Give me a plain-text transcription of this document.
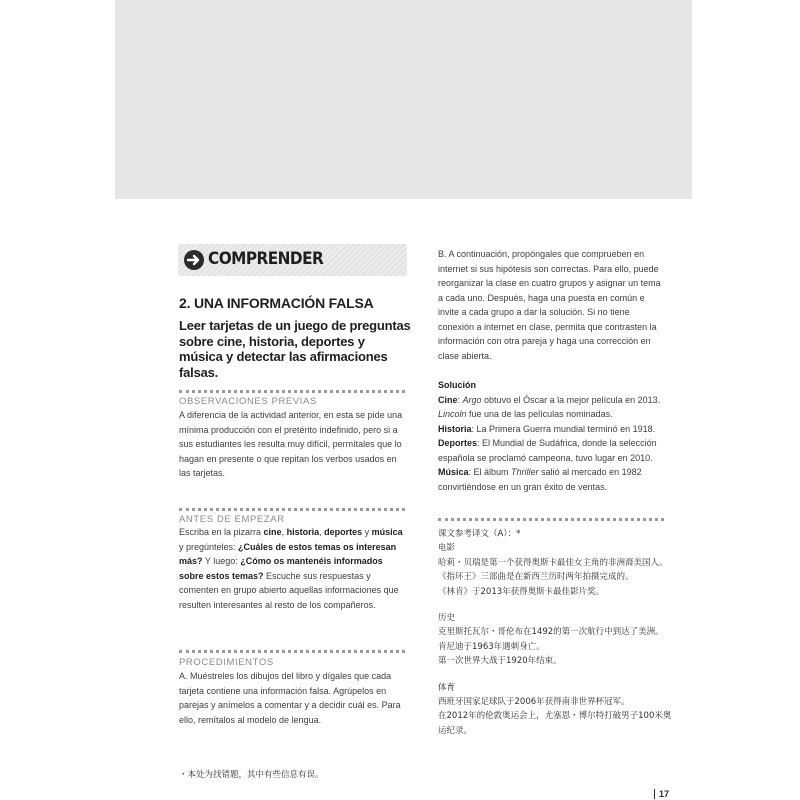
COMPRENDER
2. UNA INFORMACIÓN FALSA
Leer tarjetas de un juego de preguntas sobre cine, historia, deportes y música y detectar las afirmaciones falsas.
OBSERVACIONES PREVIAS
A diferencia de la actividad anterior, en esta se pide una mínima producción con el pretérito indefinido, pero si a sus estudiantes les resulta muy difícil, permítales que lo hagan en presente o que repitan los verbos usados en las tarjetas.
ANTES DE EMPEZAR
Escriba en la pizarra cine, historia, deportes y música y pregúnteles: ¿Cuáles de estos temas os interesan más? Y luego: ¿Cómo os mantenéis informados sobre estos temas? Escuche sus respuestas y comenten en grupo abierto aquellas informaciones que resulten interesantes al resto de los compañeros.
PROCEDIMIENTOS
A. Muéstreles los dibujos del libro y dígales que cada tarjeta contiene una información falsa. Agrúpelos en parejas y anímelos a comentar y a decidir cuál es. Para ello, remítalos al modelo de lengua.
B. A continuación, propóngales que comprueben en internet si sus hipótesis son correctas. Para ello, puede reorganizar la clase en cuatro grupos y asignar un tema a cada uno. Después, haga una puesta en común e invite a cada grupo a dar la solución. Si no tiene conexión a internet en clase, permita que contrasten la información con otra pareja y haga una corrección en clase abierta.
Solución
Cine: Argo obtuvo el Óscar a la mejor película en 2013. Lincoln fue una de las películas nominadas.
Historia: La Primera Guerra mundial terminó en 1918.
Deportes: El Mundial de Sudáfrica, donde la selección española se proclamó campeona, tuvo lugar en 2010.
Música: El álbum Thriller salió al mercado en 1982 convirtiéndose en un gran éxito de ventas.
课文参考译文（A）：*
电影
哈莉・贝瑞是第一个获得奥斯卡最佳女主角的非洲裔美国人。
《指环王》三部曲是在新西兰历时两年拍摄完成的。
《林肯》于2013年获得奥斯卡最佳影片奖。
历史
克里斯托瓦尔・哥伦布在1492的第一次航行中到达了美洲。
肯尼迪于1963年遇刺身亡。
第一次世界大战于1920年结束。
体育
西班牙国家足球队于2006年获得南非世界杯冠军。
在2012年的伦敦奥运会上，尤塞恩・博尔特打破男子100米奥
运纪录。
・本处为找错题，其中有些信息有误。
17
